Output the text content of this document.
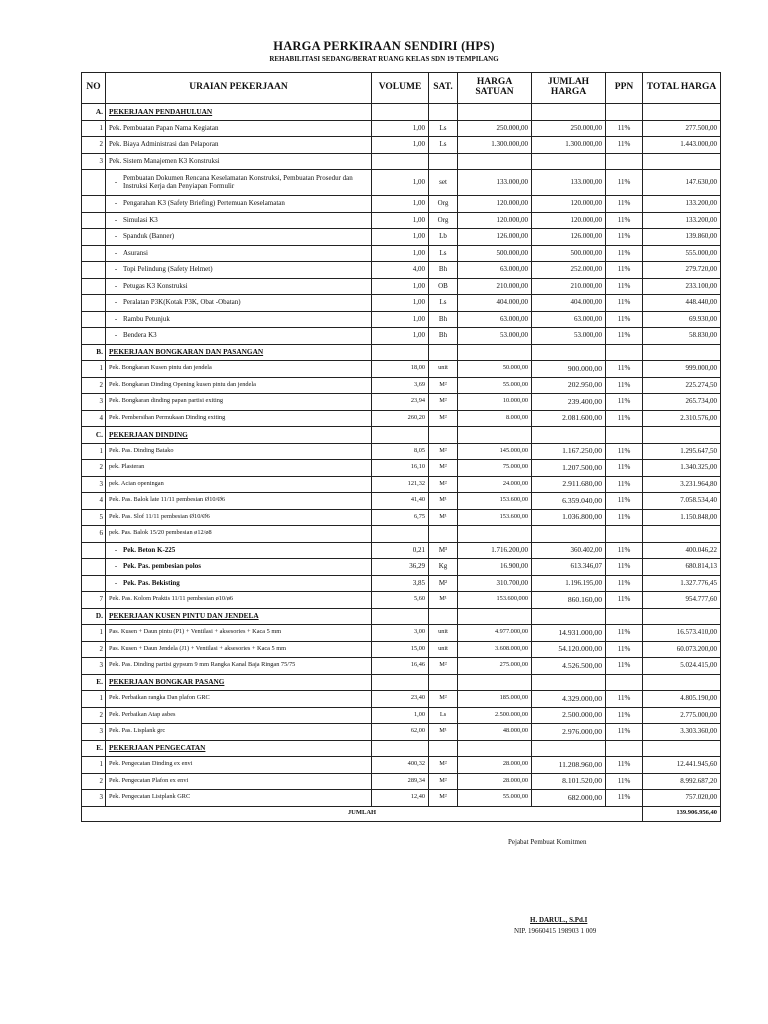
HARGA PERKIRAAN SENDIRI (HPS)
REHABILITASI SEDANG/BERAT RUANG KELAS SDN 19 TEMPILANG
NO	URAIAN PEKERJAAN	VOLUME	SAT.	HARGA SATUAN	JUMLAH HARGA	PPN	TOTAL HARGA
A.	PEKERJAAN PENDAHULUAN						
1	Pek. Pembuatan Papan Nama Kegiatan	1,00	Ls	250.000,00	250.000,00	11%	277.500,00
2	Pek. Biaya Administrasi dan Pelaporan	1,00	Ls	1.300.000,00	1.300.000,00	11%	1.443.000,00
3	Pek. Sistem Manajemen K3 Konstruksi						

	- Pembuatan Dokumen Rencana Keselamatan Konstruksi, Pembuatan Prosedur dan Instruksi Kerja dan Penyiapan Formulir	1,00	set	133.000,00	133.000,00	11%	147.630,00

	- Pengarahan K3 (Safety Briefing) Pertemuan Keselamatan	1,00	Org	120.000,00	120.000,00	11%	133.200,00

	- Simulasi K3	1,00	Org	120.000,00	120.000,00	11%	133.200,00

	- Spanduk (Banner)	1,00	Lb	126.000,00	126.000,00	11%	139.860,00

	- Asuransi	1,00	Ls	500.000,00	500.000,00	11%	555.000,00

	- Topi Pelindung (Safety Helmet)	4,00	Bh	63.000,00	252.000,00	11%	279.720,00

	- Petugas K3 Konstruksi	1,00	OB	210.000,00	210.000,00	11%	233.100,00

	- Peralatan P3K(Kotak P3K, Obat -Obatan)	1,00	Ls	404.000,00	404.000,00	11%	448.440,00

	- Rambu Petunjuk	1,00	Bh	63.000,00	63.000,00	11%	69.930,00

	- Bendera K3	1,00	Bh	53.000,00	53.000,00	11%	58.830,00
B.	PEKERJAAN BONGKARAN DAN PASANGAN						
1	Pek. Bongkaran Kusen pintu dan jendela	18,00	unit	50.000,00	900.000,00	11%	999.000,00
2	Pek. Bongkaran Dinding Opening kusen pintu dan jendela	3,69	M²	55.000,00	202.950,00	11%	225.274,50
3	Pek. Bongkaran dinding papan partisi exiting	23,94	M²	10.000,00	239.400,00	11%	265.734,00
4	Pek. Pembersihan Permukaan Dinding exiting	260,20	M²	8.000,00	2.081.600,00	11%	2.310.576,00
C.	PEKERJAAN DINDING						
1	Pek. Pas. Dinding Batako	8,05	M²	145.000,00	1.167.250,00	11%	1.295.647,50
2	pek. Plasteran	16,10	M²	75.000,00	1.207.500,00	11%	1.340.325,00
3	pek. Acian openingan	121,32	M²	24.000,00	2.911.680,00	11%	3.231.964,80
4	Pek. Pas. Balok late 11/11 pembesian Ø10/Ø6	41,40	M¹	153.600,00	6.359.040,00	11%	7.058.534,40
5	Pek. Pas. Slof 11/11 pembesian Ø10/Ø6	6,75	M¹	153.600,00	1.036.800,00	11%	1.150.848,00
6	pek. Pas. Balok 15/20 pembesian ø12/ø8						

	- Pek. Beton K-225	0,21	M³	1.716.200,00	360.402,00	11%	400.046,22

	- Pek. Pas. pembesian polos	36,29	Kg	16.900,00	613.346,07	11%	680.814,13

	- Pek. Pas. Bekisting	3,85	M²	310.700,00	1.196.195,00	11%	1.327.776,45
7	Pek. Pas. Kolom Praktis 11/11 pembesian ø10/ø6	5,60	M¹	153.600,000	860.160,00	11%	954.777,60
D.	PEKERJAAN KUSEN PINTU DAN JENDELA						
1	Pas. Kusen + Daun pintu (P1) + Ventilasi + aksesories + Kaca 5 mm	3,00	unit	4.977.000,00	14.931.000,00	11%	16.573.410,00
2	Pas. Kusen + Daun Jendela (J1) + Ventilasi + aksesories + Kaca 5 mm	15,00	unit	3.608.000,00	54.120.000,00	11%	60.073.200,00
3	Pek. Pas. Dinding partisi gypsum 9 mm Rangka Kanal Baja Ringan 75/75	16,46	M²	275.000,00	4.526.500,00	11%	5.024.415,00
E.	PEKERJAAN BONGKAR PASANG						
1	Pek. Perbaikan rangka Dan plafon GRC	23,40	M²	185.000,00	4.329.000,00	11%	4.805.190,00
2	Pek. Perbaikan Atap asbes	1,00	Ls	2.500.000,00	2.500.000,00	11%	2.775.000,00
3	Pek. Pas. Lisplank grc	62,00	M¹	48.000,00	2.976.000,00	11%	3.303.360,00
E.	PEKERJAAN PENGECATAN						
1	Pek. Pengecatan Dinding ex envi	400,32	M²	28.000,00	11.208.960,00	11%	12.441.945,60
2	Pek. Pengecatan Plafon ex envi	289,34	M²	28.000,00	8.101.520,00	11%	8.992.687,20
3	Pek. Pengecatan Listplank GRC	12,40	M²	55.000,00	682.000,00	11%	757.020,00
JUMLAH							139.906.956,40
Pejabat Pembuat Komitmen
H. DARUL., S.Pd.I
NIP. 19660415 198903 1 009
